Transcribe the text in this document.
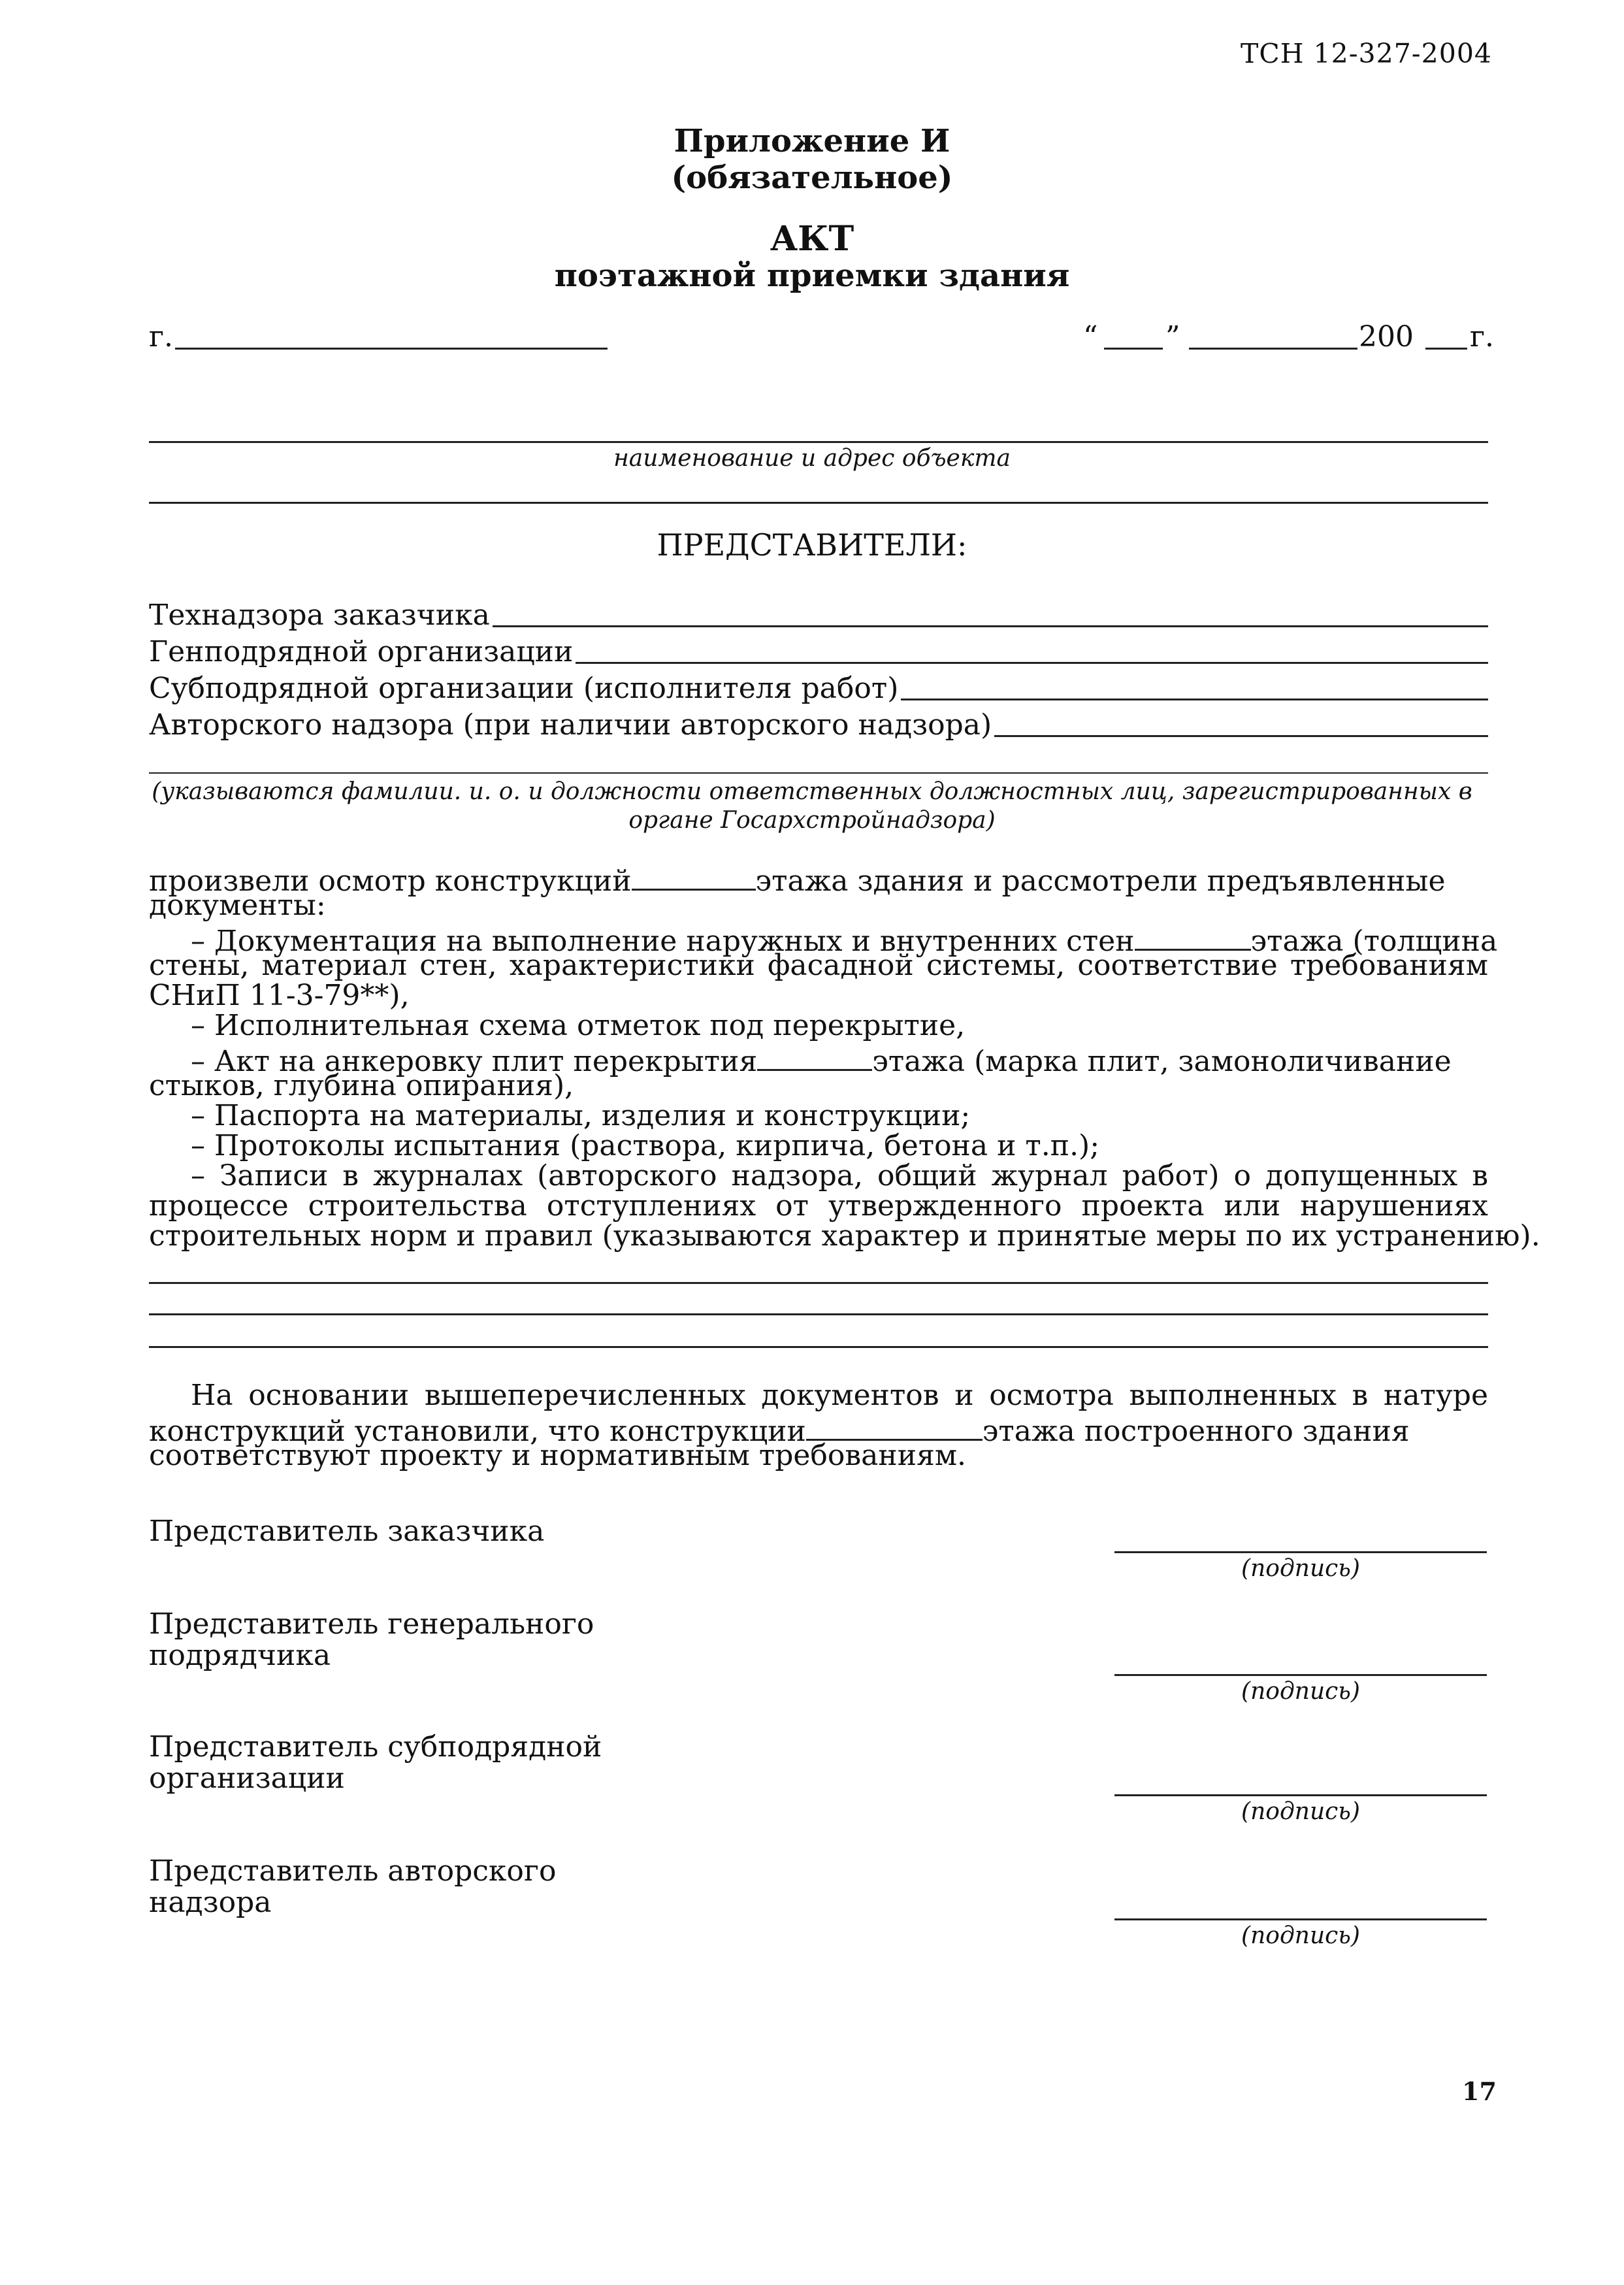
ТСН 12-327-2004
Приложение И
(обязательное)
АКТ
поэтажной приемки здания
г.	“ ”	200 г.
наименование и адрес объекта
ПРЕДСТАВИТЕЛИ:
Технадзора заказчика
Генподрядной организации
Субподрядной организации (исполнителя работ)
Авторского надзора (при наличии авторского надзора)
(указываются фамилии. и. о. и должности ответственных должностных лиц, зарегистрированных в
органе Госархстройнадзора)
произвели осмотр конструкций	этажа здания и рассмотрели предъявленные
документы:
– Документация на выполнение наружных и внутренних стен	этажа (толщина
стены, материал стен, характеристики фасадной системы, соответствие требованиям
СНиП 11-3-79**),
– Исполнительная схема отметок под перекрытие,
– Акт на анкеровку плит перекрытия	этажа (марка плит, замоноличивание
стыков, глубина опирания),
– Паспорта на материалы, изделия и конструкции;
– Протоколы испытания (раствора, кирпича, бетона и т.п.);
– Записи в журналах (авторского надзора, общий журнал работ) о допущенных в
процессе строительства отступлениях от утвержденного проекта или нарушениях
строительных норм и правил (указываются характер и принятые меры по их устранению).
На основании вышеперечисленных документов и осмотра выполненных в натуре
конструкций установили, что конструкции	этажа построенного здания
соответствуют проекту и нормативным требованиям.
Представитель заказчика
(подпись)
Представитель генерального
подрядчика
(подпись)
Представитель субподрядной
организации
(подпись)
Представитель авторского
надзора
(подпись)
17
